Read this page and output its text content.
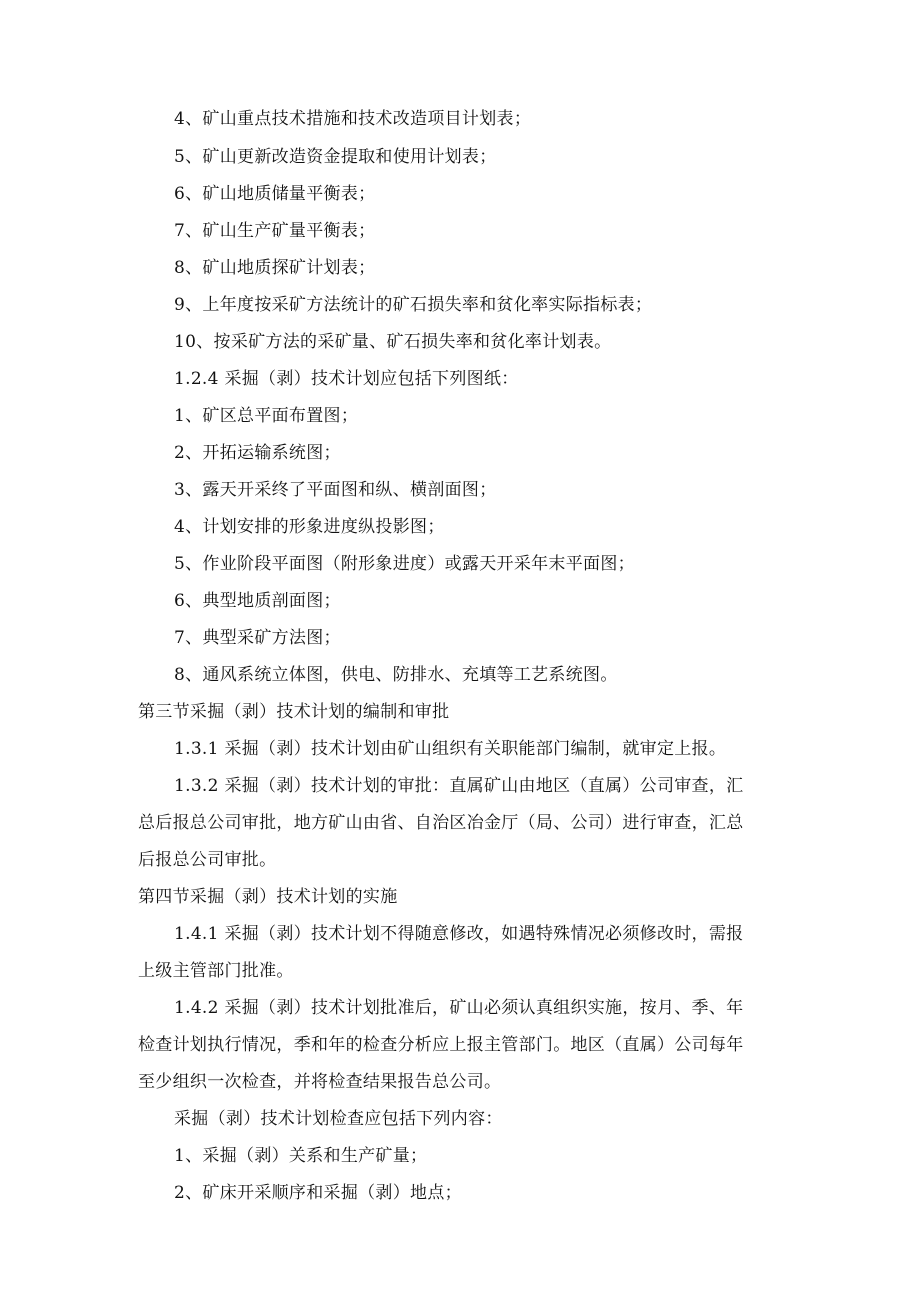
4、矿山重点技术措施和技术改造项目计划表；
5、矿山更新改造资金提取和使用计划表；
6、矿山地质储量平衡表；
7、矿山生产矿量平衡表；
8、矿山地质探矿计划表；
9、上年度按采矿方法统计的矿石损失率和贫化率实际指标表；
10、按采矿方法的采矿量、矿石损失率和贫化率计划表。
1.2.4 采掘（剥）技术计划应包括下列图纸：
1、矿区总平面布置图；
2、开拓运输系统图；
3、露天开采终了平面图和纵、横剖面图；
4、计划安排的形象进度纵投影图；
5、作业阶段平面图（附形象进度）或露天开采年末平面图；
6、典型地质剖面图；
7、典型采矿方法图；
8、通风系统立体图，供电、防排水、充填等工艺系统图。
第三节采掘（剥）技术计划的编制和审批
1.3.1 采掘（剥）技术计划由矿山组织有关职能部门编制，就审定上报。
1.3.2 采掘（剥）技术计划的审批：直属矿山由地区（直属）公司审查，汇
总后报总公司审批，地方矿山由省、自治区冶金厅（局、公司）进行审查，汇总
后报总公司审批。
第四节采掘（剥）技术计划的实施
1.4.1 采掘（剥）技术计划不得随意修改，如遇特殊情况必须修改时，需报
上级主管部门批准。
1.4.2 采掘（剥）技术计划批准后，矿山必须认真组织实施，按月、季、年
检查计划执行情况，季和年的检查分析应上报主管部门。地区（直属）公司每年
至少组织一次检查，并将检查结果报告总公司。
采掘（剥）技术计划检查应包括下列内容：
1、采掘（剥）关系和生产矿量；
2、矿床开采顺序和采掘（剥）地点；
